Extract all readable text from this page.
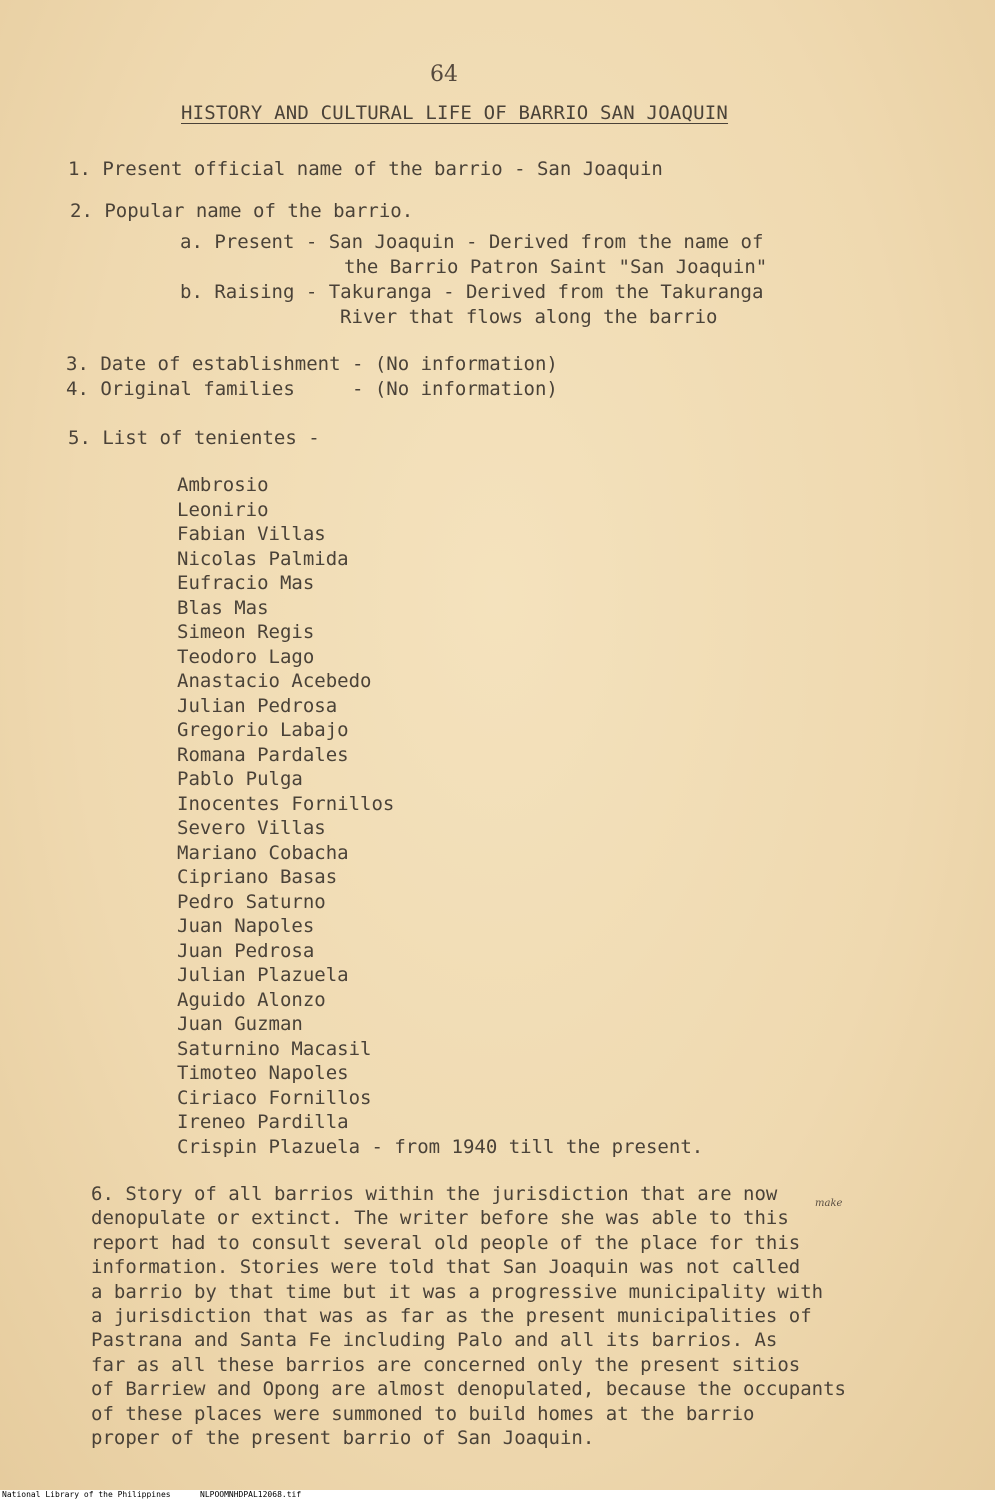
64
HISTORY AND CULTURAL LIFE OF BARRIO SAN JOAQUIN
1. Present official name of the barrio - San Joaquin
2. Popular name of the barrio.
a. Present - San Joaquin - Derived from the name of
the Barrio Patron Saint "San Joaquin"
b. Raising - Takuranga - Derived from the Takuranga
River that flows along the barrio
3. Date of establishment - (No information)
4. Original families     - (No information)
5. List of tenientes -
Ambrosio
Leonirio
Fabian Villas
Nicolas Palmida
Eufracio Mas
Blas Mas
Simeon Regis
Teodoro Lago
Anastacio Acebedo
Julian Pedrosa
Gregorio Labajo
Romana Pardales
Pablo Pulga
Inocentes Fornillos
Severo Villas
Mariano Cobacha
Cipriano Basas
Pedro Saturno
Juan Napoles
Juan Pedrosa
Julian Plazuela
Aguido Alonzo
Juan Guzman
Saturnino Macasil
Timoteo Napoles
Ciriaco Fornillos
Ireneo Pardilla
Crispin Plazuela - from 1940 till the present.
make

6. Story of all barrios within the jurisdiction that are now
denopulate or extinct. The writer before she was able to this
report had to consult several old people of the place for this
information. Stories were told that San Joaquin was not called
a barrio by that time but it was a progressive municipality with
a jurisdiction that was as far as the present municipalities of
Pastrana and Santa Fe including Palo and all its barrios. As
far as all these barrios are concerned only the present sitios
of Barriew and Opong are almost denopulated, because the occupants
of these places were summoned to build homes at the barrio
proper of the present barrio of San Joaquin.

National Library of the Philippines	NLPOOMNHDPAL12068.tif
